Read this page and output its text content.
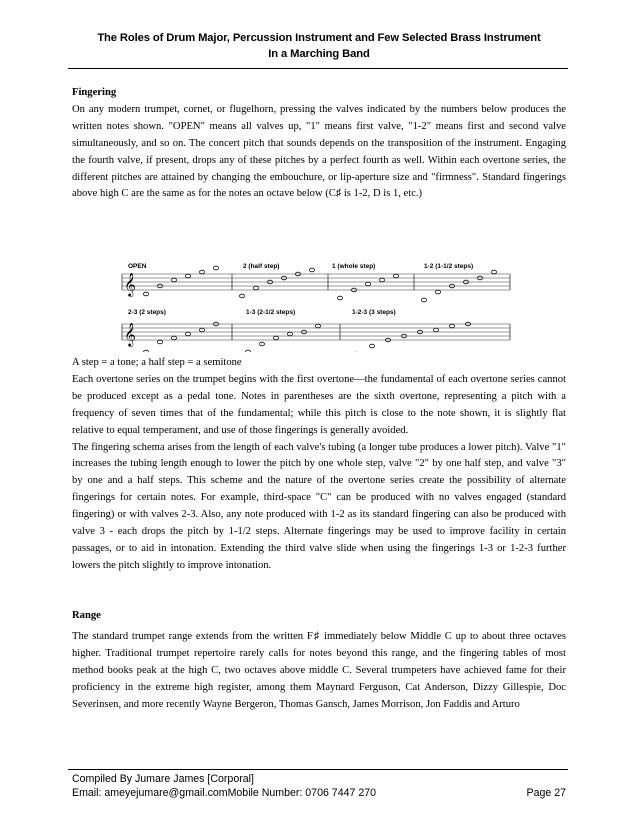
The Roles of Drum Major, Percussion Instrument and Few Selected Brass Instrument
In a Marching Band

Fingering

On any modern trumpet, cornet, or flugelhorn, pressing the valves indicated by the numbers below produces the written notes shown. "OPEN" means all valves up, "1" means first valve, "1-2" means first and second valve simultaneously, and so on. The concert pitch that sounds depends on the transposition of the instrument. Engaging the fourth valve, if present, drops any of these pitches by a perfect fourth as well. Within each overtone series, the different pitches are attained by changing the embouchure, or lip-aperture size and "firmness". Standard fingerings above high C are the same as for the notes an octave below (C♯ is 1-2, D is 1, etc.)

OPEN	2 (half step)	1 (whole step)	1-2 (1-1/2 steps)
𝄞
2-3 (2 steps)	1-3 (2-1/2 steps)	1-2-3 (3 steps)
𝄞

A step = a tone; a half step = a semitone

Each overtone series on the trumpet begins with the first overtone—the fundamental of each overtone series cannot be produced except as a pedal tone. Notes in parentheses are the sixth overtone, representing a pitch with a frequency of seven times that of the fundamental; while this pitch is close to the note shown, it is slightly flat relative to equal temperament, and use of those fingerings is generally avoided.

The fingering schema arises from the length of each valve's tubing (a longer tube produces a lower pitch). Valve "1" increases the tubing length enough to lower the pitch by one whole step, valve "2" by one half step, and valve "3" by one and a half steps. This scheme and the nature of the overtone series create the possibility of alternate fingerings for certain notes. For example, third-space "C" can be produced with no valves engaged (standard fingering) or with valves 2-3. Also, any note produced with 1-2 as its standard fingering can also be produced with valve 3 - each drops the pitch by 1-1/2 steps. Alternate fingerings may be used to improve facility in certain passages, or to aid in intonation. Extending the third valve slide when using the fingerings 1-3 or 1-2-3 further lowers the pitch slightly to improve intonation.

Range

The standard trumpet range extends from the written F♯ immediately below Middle C up to about three octaves higher. Traditional trumpet repertoire rarely calls for notes beyond this range, and the fingering tables of most method books peak at the high C, two octaves above middle C. Several trumpeters have achieved fame for their proficiency in the extreme high register, among them Maynard Ferguson, Cat Anderson, Dizzy Gillespie, Doc Severinsen, and more recently Wayne Bergeron, Thomas Gansch, James Morrison, Jon Faddis and Arturo

Compiled By Jumare James [Corporal]
Email: ameyejumare@gmail.comMobile Number: 0706 7447 270	Page 27
